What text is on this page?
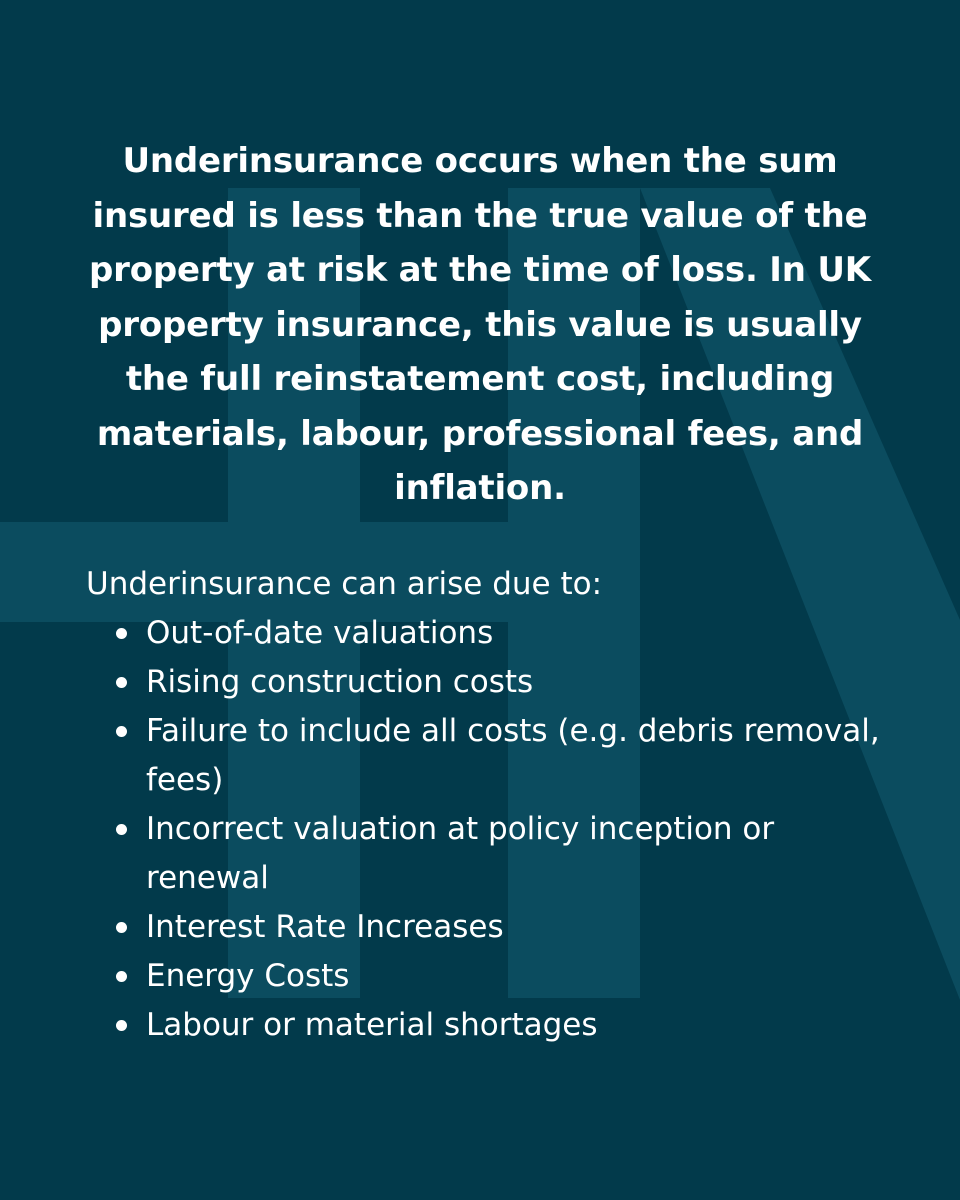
Underinsurance occurs when the sum insured is less than the true value of the property at risk at the time of loss. In UK property insurance, this value is usually the full reinstatement cost, including materials, labour, professional fees, and inflation.

Underinsurance can arise due to:
Out-of-date valuations
Rising construction costs
Failure to include all costs (e.g. debris removal, fees)
Incorrect valuation at policy inception or renewal
Interest Rate Increases
Energy Costs
Labour or material shortages
